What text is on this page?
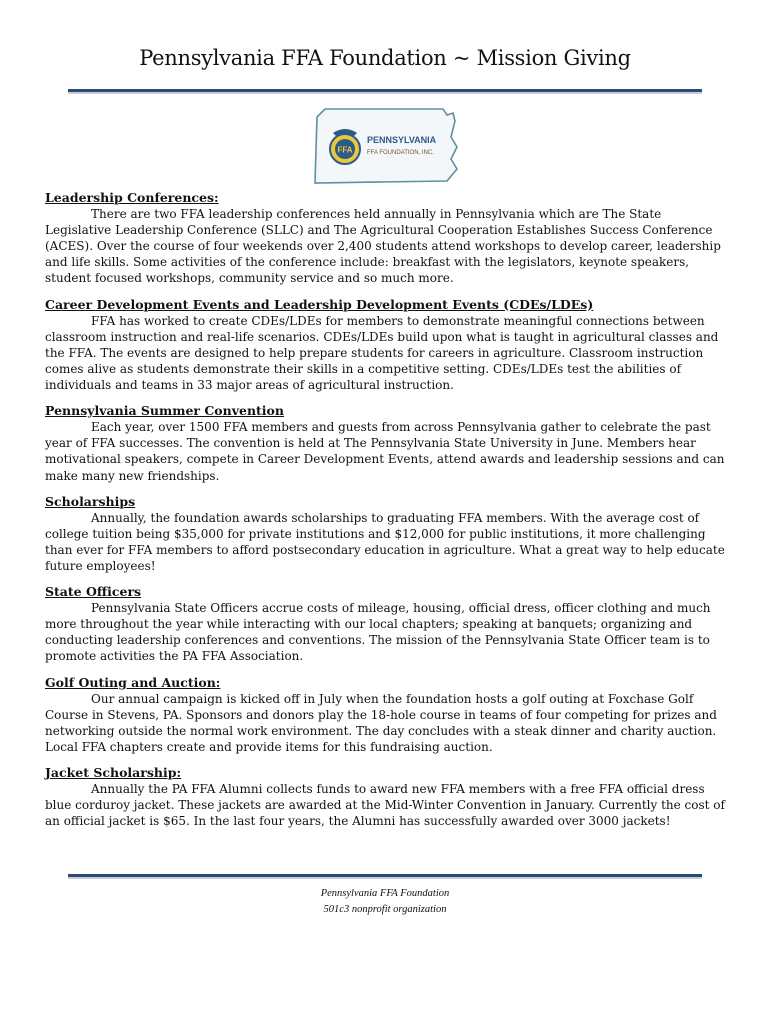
Pennsylvania FFA Foundation ~ Mission Giving
FFA
PENNSYLVANIA
FFA FOUNDATION, INC.
Leadership Conferences:
There are two FFA leadership conferences held annually in Pennsylvania which are The State Legislative Leadership Conference (SLLC) and The Agricultural Cooperation Establishes Success Conference (ACES). Over the course of four weekends over 2,400 students attend workshops to develop career, leadership and life skills. Some activities of the conference include: breakfast with the legislators, keynote speakers, student focused workshops, community service and so much more.
Career Development Events and Leadership Development Events (CDEs/LDEs)
FFA has worked to create CDEs/LDEs for members to demonstrate meaningful connections between classroom instruction and real-life scenarios. CDEs/LDEs build upon what is taught in agricultural classes and the FFA. The events are designed to help prepare students for careers in agriculture. Classroom instruction comes alive as students demonstrate their skills in a competitive setting. CDEs/LDEs test the abilities of individuals and teams in 33 major areas of agricultural instruction.
Pennsylvania Summer Convention
Each year, over 1500 FFA members and guests from across Pennsylvania gather to celebrate the past year of FFA successes. The convention is held at The Pennsylvania State University in June. Members hear motivational speakers, compete in Career Development Events, attend awards and leadership sessions and can make many new friendships.
Scholarships
Annually, the foundation awards scholarships to graduating FFA members. With the average cost of college tuition being $35,000 for private institutions and $12,000 for public institutions, it more challenging than ever for FFA members to afford postsecondary education in agriculture. What a great way to help educate future employees!
State Officers
Pennsylvania State Officers accrue costs of mileage, housing, official dress, officer clothing and much more throughout the year while interacting with our local chapters; speaking at banquets; organizing and conducting leadership conferences and conventions. The mission of the Pennsylvania State Officer team is to promote activities the PA FFA Association.
Golf Outing and Auction:
Our annual campaign is kicked off in July when the foundation hosts a golf outing at Foxchase Golf Course in Stevens, PA. Sponsors and donors play the 18-hole course in teams of four competing for prizes and networking outside the normal work environment. The day concludes with a steak dinner and charity auction. Local FFA chapters create and provide items for this fundraising auction.
Jacket Scholarship:
Annually the PA FFA Alumni collects funds to award new FFA members with a free FFA official dress blue corduroy jacket. These jackets are awarded at the Mid-Winter Convention in January. Currently the cost of an official jacket is $65. In the last four years, the Alumni has successfully awarded over 3000 jackets!
Pennsylvania FFA Foundation
501c3 nonprofit organization
